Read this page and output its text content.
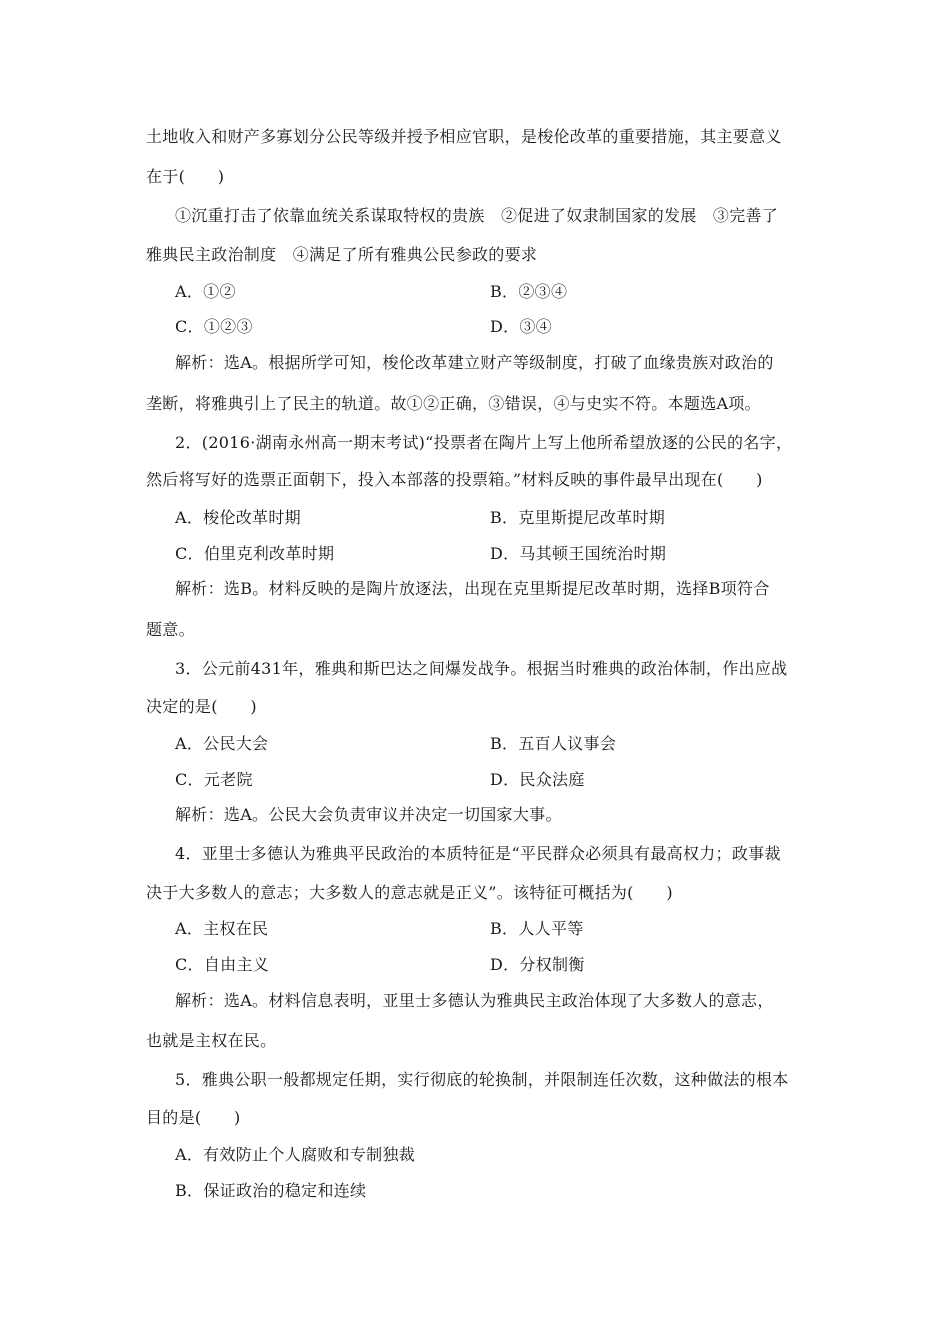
土地收入和财产多寡划分公民等级并授予相应官职，是梭伦改革的重要措施，其主要意义
在于(　　)
①沉重打击了依靠血统关系谋取特权的贵族　②促进了奴隶制国家的发展　③完善了
雅典民主政治制度　④满足了所有雅典公民参政的要求
A．①②	B．②③④
C．①②③	D．③④
解析：选A。根据所学可知，梭伦改革建立财产等级制度，打破了血缘贵族对政治的
垄断，将雅典引上了民主的轨道。故①②正确，③错误，④与史实不符。本题选A项。
2．(2016·湖南永州高一期末考试)“投票者在陶片上写上他所希望放逐的公民的名字，
然后将写好的选票正面朝下，投入本部落的投票箱。”材料反映的事件最早出现在(　　)
A．梭伦改革时期	B．克里斯提尼改革时期
C．伯里克利改革时期	D．马其顿王国统治时期
解析：选B。材料反映的是陶片放逐法，出现在克里斯提尼改革时期，选择B项符合
题意。
3．公元前431年，雅典和斯巴达之间爆发战争。根据当时雅典的政治体制，作出应战
决定的是(　　)
A．公民大会	B．五百人议事会
C．元老院	D．民众法庭
解析：选A。公民大会负责审议并决定一切国家大事。
4．亚里士多德认为雅典平民政治的本质特征是“平民群众必须具有最高权力；政事裁
决于大多数人的意志；大多数人的意志就是正义”。该特征可概括为(　　)
A．主权在民	B．人人平等
C．自由主义	D．分权制衡
解析：选A。材料信息表明，亚里士多德认为雅典民主政治体现了大多数人的意志，
也就是主权在民。
5．雅典公职一般都规定任期，实行彻底的轮换制，并限制连任次数，这种做法的根本
目的是(　　)
A．有效防止个人腐败和专制独裁
B．保证政治的稳定和连续
